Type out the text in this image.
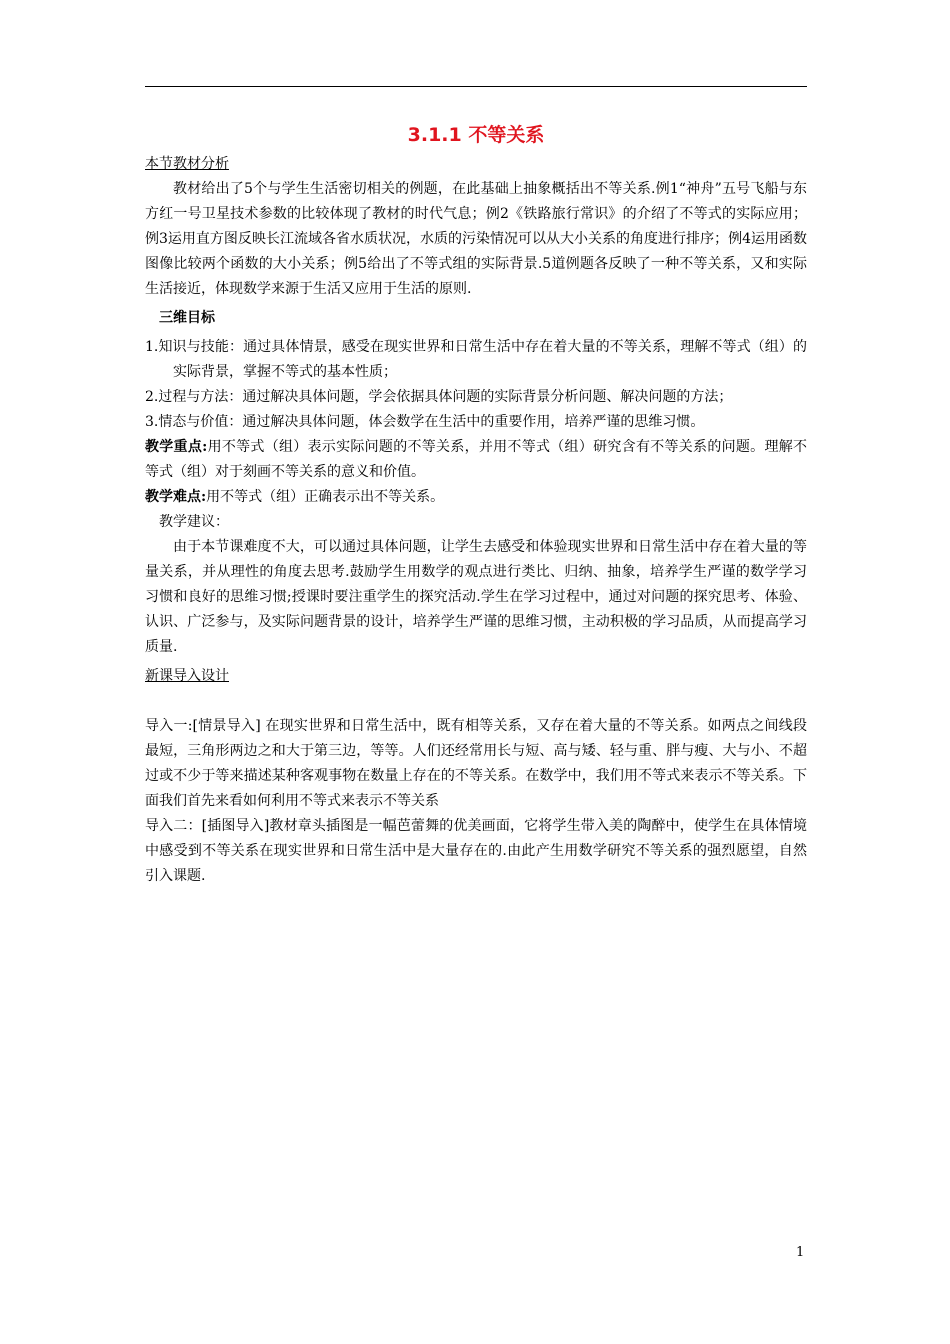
3.1.1 不等关系
本节教材分析

教材给出了5个与学生生活密切相关的例题，在此基础上抽象概括出不等关系.例1“神舟”五号飞船与东方红一号卫星技术参数的比较体现了教材的时代气息；例2《铁路旅行常识》的介绍了不等式的实际应用；例3运用直方图反映长江流域各省水质状况，水质的污染情况可以从大小关系的角度进行排序；例4运用函数图像比较两个函数的大小关系；例5给出了不等式组的实际背景.5道例题各反映了一种不等关系，又和实际生活接近，体现数学来源于生活又应用于生活的原则.

三维目标

1.知识与技能：通过具体情景，感受在现实世界和日常生活中存在着大量的不等关系，理解不等式（组）的实际背景，掌握不等式的基本性质；

2.过程与方法：通过解决具体问题，学会依据具体问题的实际背景分析问题、解决问题的方法；

3.情态与价值：通过解决具体问题，体会数学在生活中的重要作用，培养严谨的思维习惯。

教学重点:用不等式（组）表示实际问题的不等关系，并用不等式（组）研究含有不等关系的问题。理解不等式（组）对于刻画不等关系的意义和价值。

教学难点:用不等式（组）正确表示出不等关系。

教学建议：

由于本节课难度不大，可以通过具体问题，让学生去感受和体验现实世界和日常生活中存在着大量的等量关系，并从理性的角度去思考.鼓励学生用数学的观点进行类比、归纳、抽象，培养学生严谨的数学学习习惯和良好的思维习惯;授课时要注重学生的探究活动.学生在学习过程中，通过对问题的探究思考、体验、认识、广泛参与，及实际问题背景的设计，培养学生严谨的思维习惯，主动积极的学习品质，从而提高学习质量.

新课导入设计

导入一:[情景导入] 在现实世界和日常生活中，既有相等关系，又存在着大量的不等关系。如两点之间线段最短，三角形两边之和大于第三边，等等。人们还经常用长与短、高与矮、轻与重、胖与瘦、大与小、不超过或不少于等来描述某种客观事物在数量上存在的不等关系。在数学中，我们用不等式来表示不等关系。下面我们首先来看如何利用不等式来表示不等关系

导入二：[插图导入]教材章头插图是一幅芭蕾舞的优美画面，它将学生带入美的陶醉中，使学生在具体情境中感受到不等关系在现实世界和日常生活中是大量存在的.由此产生用数学研究不等关系的强烈愿望，自然引入课题.

1
